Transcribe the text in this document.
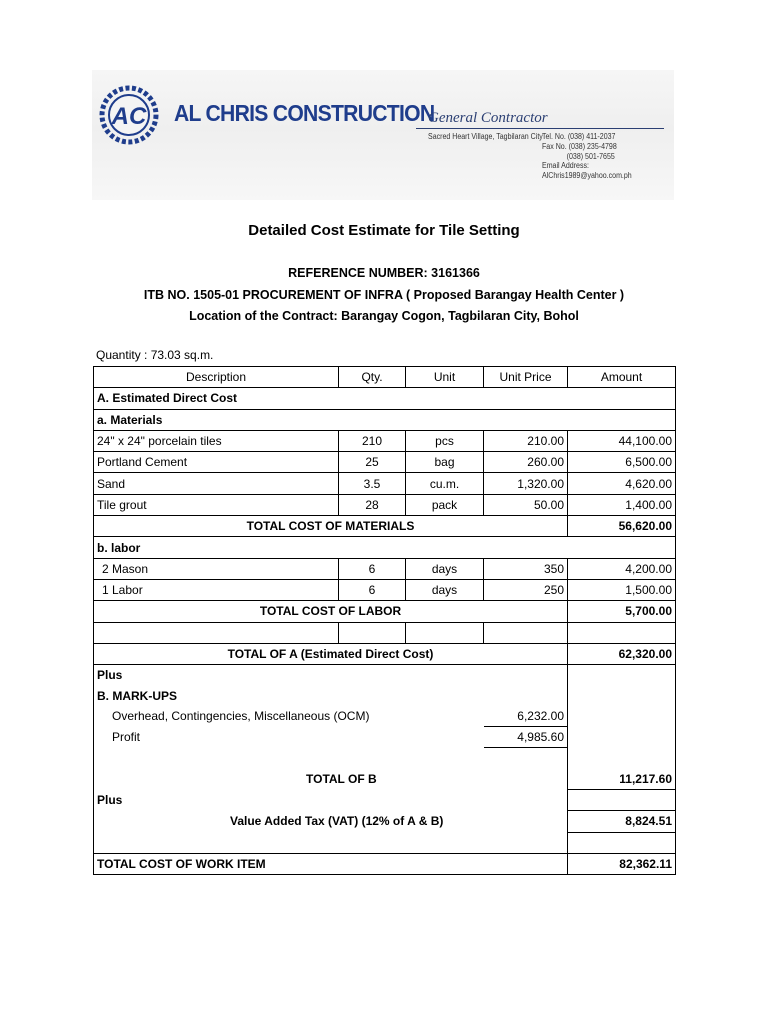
AC AL CHRIS CONSTRUCTION
General Contractor
Sacred Heart Village, Tagbilaran City Tel. No. (038) 411-2037
Fax No. (038) 235-4798
(038) 501-7655
Email Address:
AlChris1989@yahoo.com.ph
Detailed Cost Estimate for Tile Setting
REFERENCE NUMBER: 3161366
ITB NO. 1505-01 PROCUREMENT OF INFRA ( Proposed Barangay Health Center )
Location of the Contract: Barangay Cogon, Tagbilaran City, Bohol
Quantity : 73.03 sq.m.
Description	Qty.	Unit	Unit Price	Amount
A. Estimated Direct Cost				
a. Materials				
24" x 24" porcelain tiles	210	pcs	210.00	44,100.00
Portland Cement	25	bag	260.00	6,500.00
Sand	3.5	cu.m.	1,320.00	4,620.00
Tile grout	28	pack	50.00	1,400.00
TOTAL COST OF MATERIALS				56,620.00
b. labor				
2 Mason	6	days	350	4,200.00
1 Labor	6	days	250	1,500.00
TOTAL COST OF LABOR				5,700.00

TOTAL OF A (Estimated Direct Cost)				62,320.00
Plus				
B. MARK-UPS				
Overhead, Contingencies, Miscellaneous (OCM)			6,232.00	
Profit			4,985.60	

TOTAL OF B				11,217.60
Plus				
Value Added Tax (VAT) (12% of A & B)				8,824.51

TOTAL COST OF WORK ITEM				82,362.11
